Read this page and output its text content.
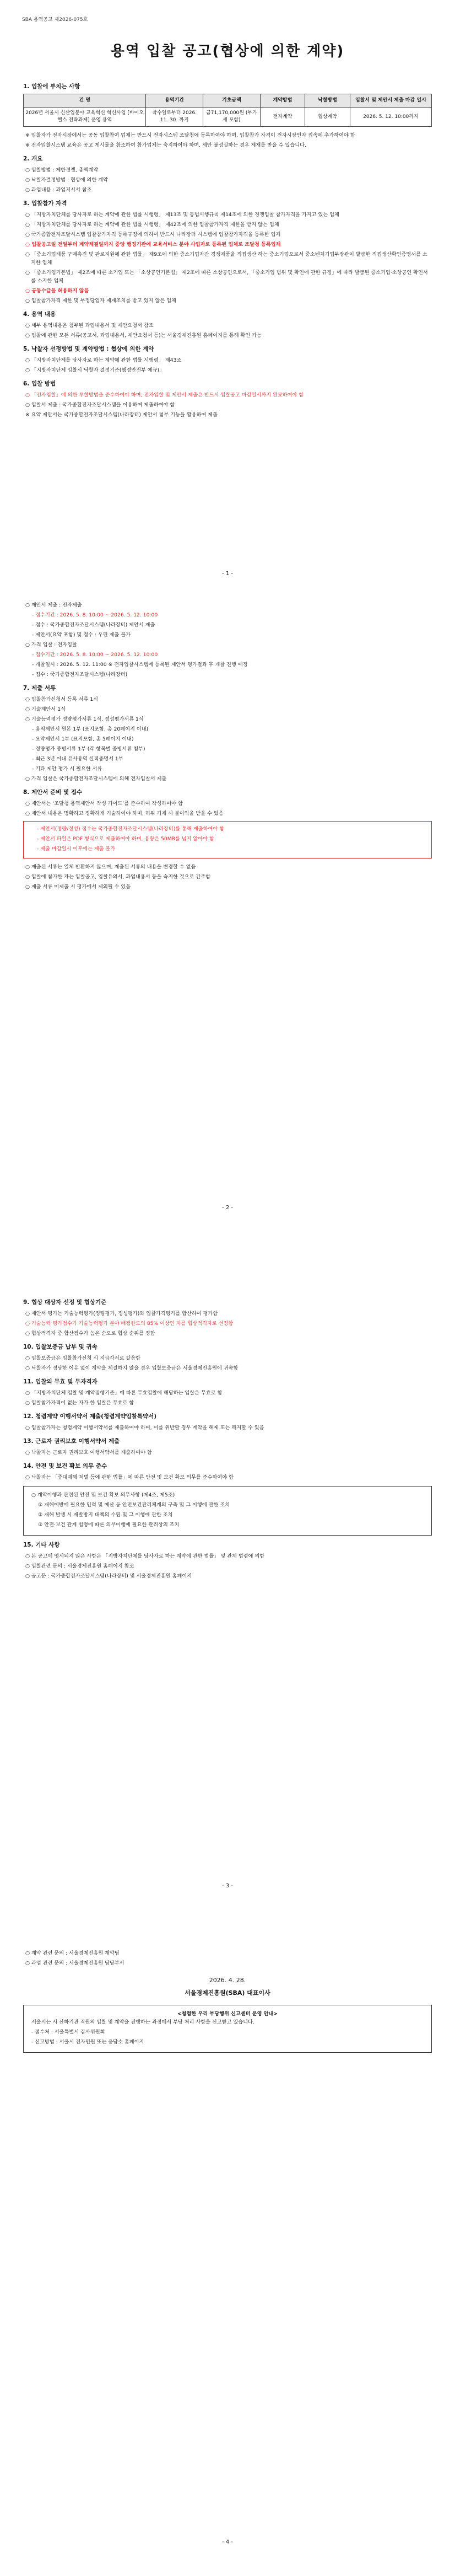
SBA 용역공고 제2026-075호
용역 입찰 공고(협상에 의한 계약)
1. 입찰에 부치는 사항
건 명	용역기간	기초금액	계약방법	낙찰방법	입찰서 및 제안서 제출 마감 일시
2026년 서울시 신산업분야 교육혁신 혁신사업 [바이오헬스 전략과제] 운영 용역	착수일로부터 2026. 11. 30. 까지	금71,170,000원 (부가세 포함)	전자계약	협상계약	2026. 5. 12. 10:00까지
※ 입찰자가 전자시장에서는 공동 입찰참여 업체는 반드시 전자시스템 조달청에 등록하여야 하며, 입찰참가 자격이 전자시장인자 접속에 추가하여야 함
※ 전자입찰시스템 교육은 공고 게시물을 참조하여 참가업체는 숙지하여야 하며, 제안 불성실하는 경우 제재를 받을 수 있습니다.
2. 개요
○ 입찰방법 : 제한경쟁, 총액계약
○ 낙찰자결정방법 : 협상에 의한 계약
○ 과업내용 : 과업지시서 참조
3. 입찰참가 자격
○ 「지방자치단체를 당사자로 하는 계약에 관한 법률 시행령」 제13조 및 동법시행규칙 제14조에 의한 경쟁입찰 참가자격을 가지고 있는 업체
○ 「지방자치단체를 당사자로 하는 계약에 관한 법률 시행령」 제42조에 의한 입찰참가자격 제한을 받지 않는 업체
○ 국가종합전자조달시스템 입찰참가자격 등록규정에 의하여 반드시 나라장터 시스템에 입찰참가자격을 등록한 업체
○ 입찰공고일 전일부터 계약체결일까지 중앙 행정기관에 교육서비스 분야 사업자로 등록된 업체로 조달청 등록업체
○ 「중소기업제품 구매촉진 및 판로지원에 관한 법률」 제9조에 의한 중소기업자간 경쟁제품을 직접생산 하는 중소기업으로서 중소벤처기업부장관이 발급한 직접생산확인증명서를 소지한 업체
○ 「중소기업기본법」 제2조에 따른 소기업 또는 「소상공인기본법」 제2조에 따른 소상공인으로서, 「중소기업 범위 및 확인에 관한 규정」에 따라 발급된 중소기업·소상공인 확인서를 소지한 업체
○ 공동수급을 허용하지 않음
○ 입찰참가자격 제한 및 부정당업자 제재조치를 받고 있지 않은 업체
4. 용역 내용
○ 세부 용역내용은 첨부된 과업내용서 및 제안요청서 참조
○ 입찰에 관한 모든 서류(공고서, 과업내용서, 제안요청서 등)는 서울경제진흥원 홈페이지를 통해 확인 가능
5. 낙찰자 선정방법 및 계약방법 : 협상에 의한 계약
○ 「지방자치단체를 당사자로 하는 계약에 관한 법률 시행령」 제43조
○ 「지방자치단체 입찰시 낙찰자 결정기준(행정안전부 예규)」
6. 입찰 방법
○ 「전자입찰」에 의한 투찰방법을 준수하여야 하며, 전자입찰 및 제안서 제출은 반드시 입찰공고 마감일시까지 완료하여야 함
○ 입찰서 제출 : 국가종합전자조달시스템을 이용하여 제출하여야 함
※ 요약 제안서는 국가종합전자조달시스템(나라장터) 제안서 첨부 기능을 활용하여 제출
- 1 -
○ 제안서 제출 : 전자제출
- 접수기간 : 2026. 5. 8. 10:00 ~ 2026. 5. 12. 10:00
- 접수 : 국가종합전자조달시스템(나라장터) 제안서 제출
- 제안서(요약 포함) 및 접수 : 우편 제출 불가
○ 가격 입찰 : 전자입찰
- 접수기간 : 2026. 5. 8. 10:00 ~ 2026. 5. 12. 10:00
- 개찰일시 : 2026. 5. 12. 11:00 ※ 전자입찰시스템에 등록된 제안서 평가결과 후 개찰 진행 예정
- 접수 : 국가종합전자조달시스템(나라장터)
7. 제출 서류
○ 입찰참가신청서 등록 서류 1식
○ 기술제안서 1식
○ 기술능력평가 정량평가서류 1식, 정성평가서류 1식
- 용역제안서 원본 1부 (표지포함, 총 20페이지 이내)
- 요약제안서 1부 (표지포함, 총 5페이지 이내)
- 정량평가 증빙서류 1부 (각 항목별 증빙서류 첨부)
- 최근 3년 이내 유사용역 실적증명서 1부
- 기타 제안 평가 시 필요한 서류
○ 가격 입찰은 국가종합전자조달시스템에 의해 전자입찰서 제출
8. 제안서 준비 및 접수
○ 제안서는 ‘조달청 용역제안서 작성 가이드’를 준수하여 작성하여야 함
○ 제안서 내용은 명확하고 정확하게 기술하여야 하며, 허위 기재 시 불이익을 받을 수 있음
- 제안서(정량/정성) 접수는 국가종합전자조달시스템(나라장터)를 통해 제출하여야 함
- 제안서 파일은 PDF 형식으로 제출하여야 하며, 용량은 50MB를 넘지 않아야 함
- 제출 마감일시 이후에는 제출 불가
○ 제출된 서류는 일체 반환하지 않으며, 제출된 서류의 내용을 변경할 수 없음
○ 입찰에 참가한 자는 입찰공고, 입찰유의서, 과업내용서 등을 숙지한 것으로 간주함
○ 제출 서류 미제출 시 평가에서 제외될 수 있음
- 2 -
9. 협상 대상자 선정 및 협상기준
○ 제안서 평가는 기술능력평가(정량평가, 정성평가)와 입찰가격평가를 합산하여 평가함
○ 기술능력 평가점수가 기술능력평가 분야 배점한도의 85% 이상인 자를 협상적격자로 선정함
○ 협상적격자 중 합산점수가 높은 순으로 협상 순위를 정함
10. 입찰보증금 납부 및 귀속
○ 입찰보증금은 입찰참가신청 시 지급각서로 갈음함
○ 낙찰자가 정당한 이유 없이 계약을 체결하지 않을 경우 입찰보증금은 서울경제진흥원에 귀속함
11. 입찰의 무효 및 무자격자
○ 「지방자치단체 입찰 및 계약집행기준」에 따른 무효입찰에 해당하는 입찰은 무효로 함
○ 입찰참가자격이 없는 자가 한 입찰은 무효로 함
12. 청렴계약 이행서약서 제출(청렴계약입찰특약서)
○ 입찰참가자는 청렴계약 이행서약서를 제출하여야 하며, 이를 위반할 경우 계약을 해제 또는 해지할 수 있음
13. 근로자 권리보호 이행서약서 제출
○ 낙찰자는 근로자 권리보호 이행서약서를 제출하여야 함
14. 안전 및 보건 확보 의무 준수
○ 낙찰자는 「중대재해 처벌 등에 관한 법률」에 따른 안전 및 보건 확보 의무를 준수하여야 함
○ 계약이행과 관련된 안전 및 보건 확보 의무사항 (제4조, 제5조)
① 재해예방에 필요한 인력 및 예산 등 안전보건관리체계의 구축 및 그 이행에 관한 조치
② 재해 발생 시 재발방지 대책의 수립 및 그 이행에 관한 조치
③ 안전·보건 관계 법령에 따른 의무이행에 필요한 관리상의 조치
15. 기타 사항
○ 본 공고에 명시되지 않은 사항은 「지방자치단체를 당사자로 하는 계약에 관한 법률」 및 관계 법령에 의함
○ 입찰관련 문의 : 서울경제진흥원 홈페이지 참조
○ 공고문 : 국가종합전자조달시스템(나라장터) 및 서울경제진흥원 홈페이지
- 3 -
○ 계약 관련 문의 : 서울경제진흥원 계약팀
○ 과업 관련 문의 : 서울경제진흥원 담당부서
2026. 4. 28.
서울경제진흥원(SBA) 대표이사
<청렴한 우리 부당행위 신고센터 운영 안내>
서울시는 시 산하기관 직원의 입찰 및 계약을 진행하는 과정에서 부당 처리 사항을 신고받고 있습니다.
- 접수처 : 서울특별시 감사위원회
- 신고방법 : 서울시 전자민원 또는 응답소 홈페이지
- 4 -
